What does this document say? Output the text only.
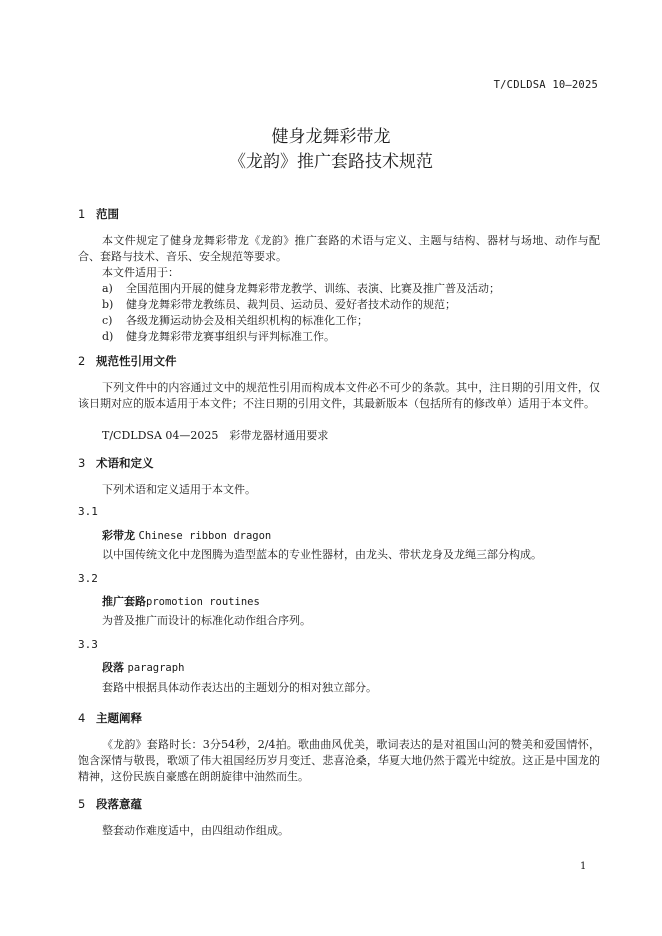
T/CDLDSA 10—2025
健身龙舞彩带龙
《龙韵》推广套路技术规范
1 范围
本文件规定了健身龙舞彩带龙《龙韵》推广套路的术语与定义、主题与结构、器材与场地、动作与配合、套路与技术、音乐、安全规范等要求。
本文件适用于：
a) 全国范围内开展的健身龙舞彩带龙教学、训练、表演、比赛及推广普及活动；
b) 健身龙舞彩带龙教练员、裁判员、运动员、爱好者技术动作的规范；
c) 各级龙狮运动协会及相关组织机构的标准化工作；
d) 健身龙舞彩带龙赛事组织与评判标准工作。
2 规范性引用文件
下列文件中的内容通过文中的规范性引用而构成本文件必不可少的条款。其中，注日期的引用文件，仅该日期对应的版本适用于本文件；不注日期的引用文件，其最新版本（包括所有的修改单）适用于本文件。
T/CDLDSA 04—2025　彩带龙器材通用要求
3 术语和定义
下列术语和定义适用于本文件。
3.1
彩带龙 Chinese ribbon dragon
以中国传统文化中龙图腾为造型蓝本的专业性器材，由龙头、带状龙身及龙绳三部分构成。
3.2
推广套路promotion routines
为普及推广而设计的标准化动作组合序列。
3.3
段落 paragraph
套路中根据具体动作表达出的主题划分的相对独立部分。
4 主题阐释
《龙韵》套路时长：3分54秒，2/4拍。歌曲曲风优美，歌词表达的是对祖国山河的赞美和爱国情怀，饱含深情与敬畏，歌颂了伟大祖国经历岁月变迁、悲喜沧桑，华夏大地仍然于霞光中绽放。这正是中国龙的精神，这份民族自豪感在朗朗旋律中油然而生。
5 段落意蕴
整套动作难度适中，由四组动作组成。
1
